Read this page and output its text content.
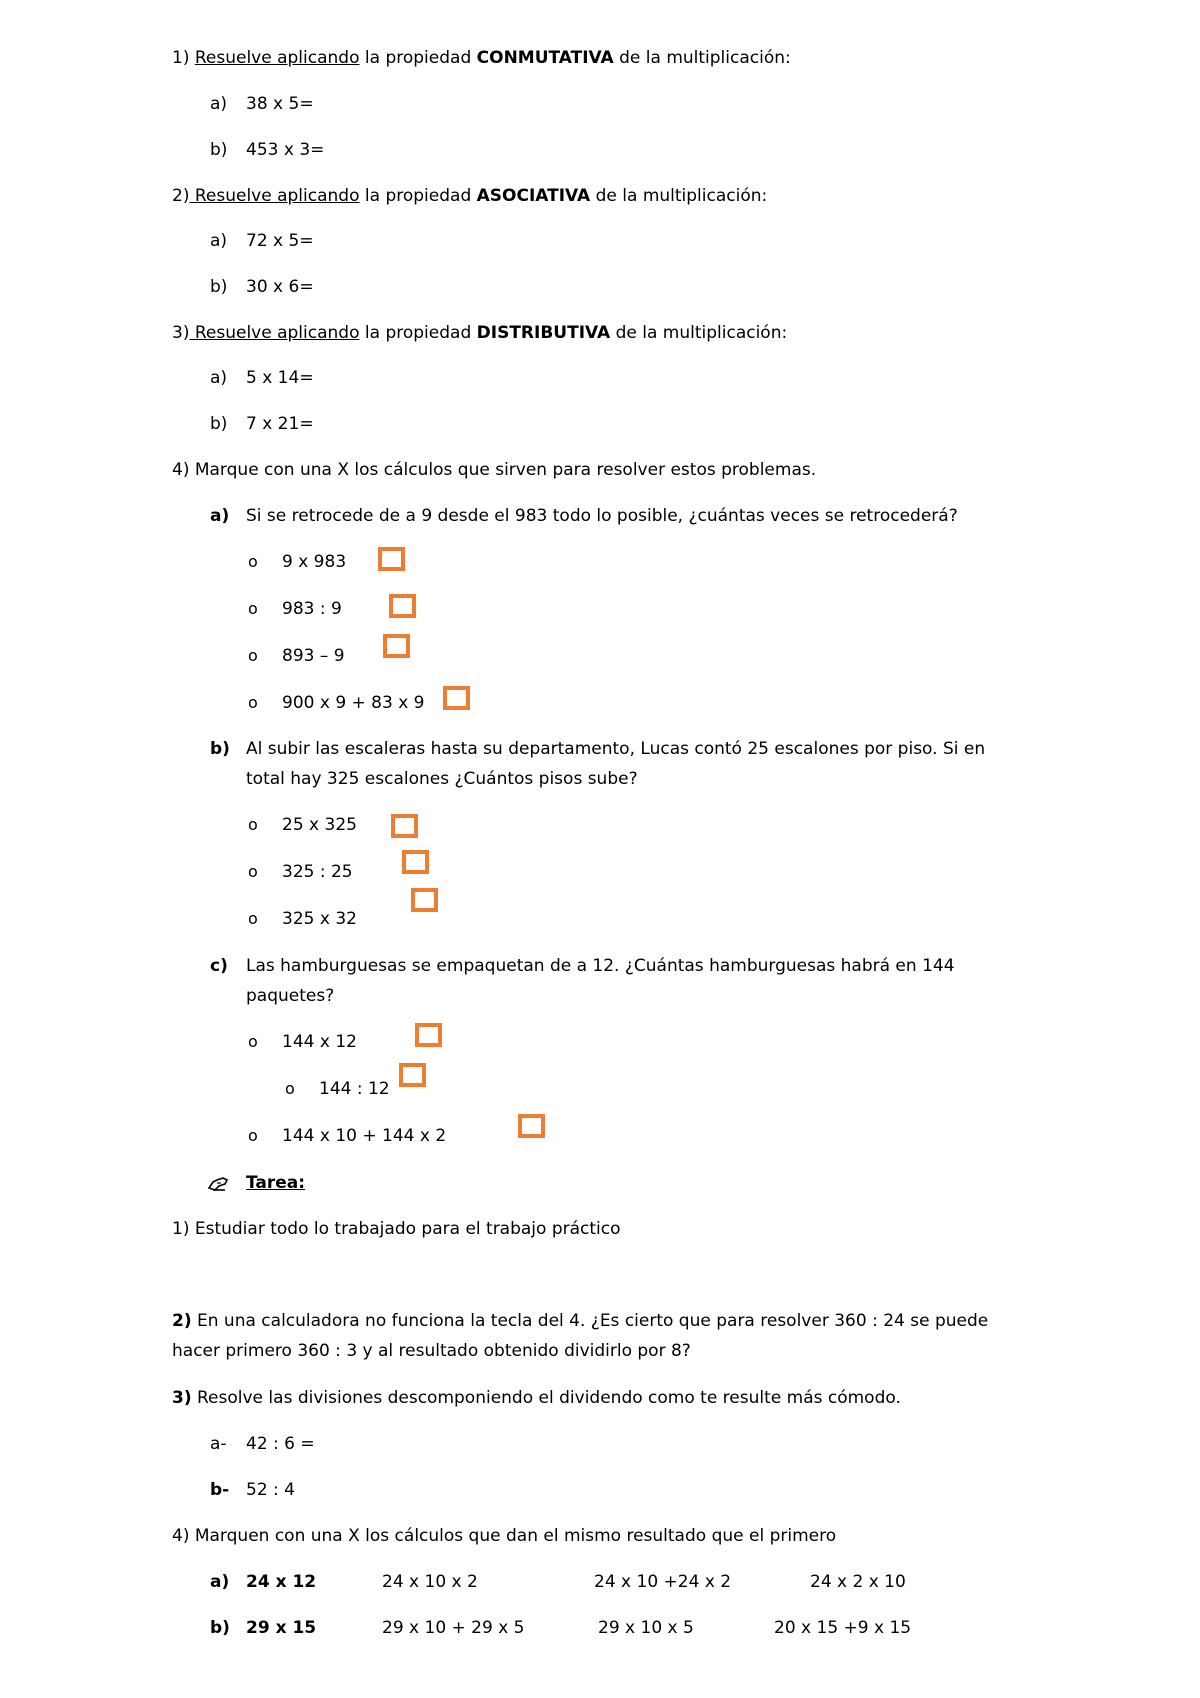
1) Resuelve aplicando la propiedad CONMUTATIVA de la multiplicación:
a) 38 x 5=
b) 453 x 3=
2) Resuelve aplicando la propiedad ASOCIATIVA de la multiplicación:
a) 72 x 5=
b) 30 x 6=
3) Resuelve aplicando la propiedad DISTRIBUTIVA de la multiplicación:
a) 5 x 14=
b) 7 x 21=
4) Marque con una X los cálculos que sirven para resolver estos problemas.
a) Si se retrocede de a 9 desde el 983 todo lo posible, ¿cuántas veces se retrocederá?
o 9 x 983
o 983 : 9
o 893 – 9
o 900 x 9 + 83 x 9
b) Al subir las escaleras hasta su departamento, Lucas contó 25 escalones por piso. Si en
total hay 325 escalones ¿Cuántos pisos sube?
o 25 x 325
o 325 : 25
o 325 x 32
c) Las hamburguesas se empaquetan de a 12. ¿Cuántas hamburguesas habrá en 144
paquetes?
o 144 x 12
o 144 : 12
o 144 x 10 + 144 x 2
Tarea:
1) Estudiar todo lo trabajado para el trabajo práctico
2) En una calculadora no funciona la tecla del 4. ¿Es cierto que para resolver 360 : 24 se puede
hacer primero 360 : 3 y al resultado obtenido dividirlo por 8?
3) Resolve las divisiones descomponiendo el dividendo como te resulte más cómodo.
a- 42 : 6 =
b- 52 : 4
4) Marquen con una X los cálculos que dan el mismo resultado que el primero
a) 24 x 12	24 x 10 x 2	24 x 10 +24 x 2	24 x 2 x 10
b) 29 x 15	29 x 10 + 29 x 5	29 x 10 x 5	20 x 15 +9 x 15
